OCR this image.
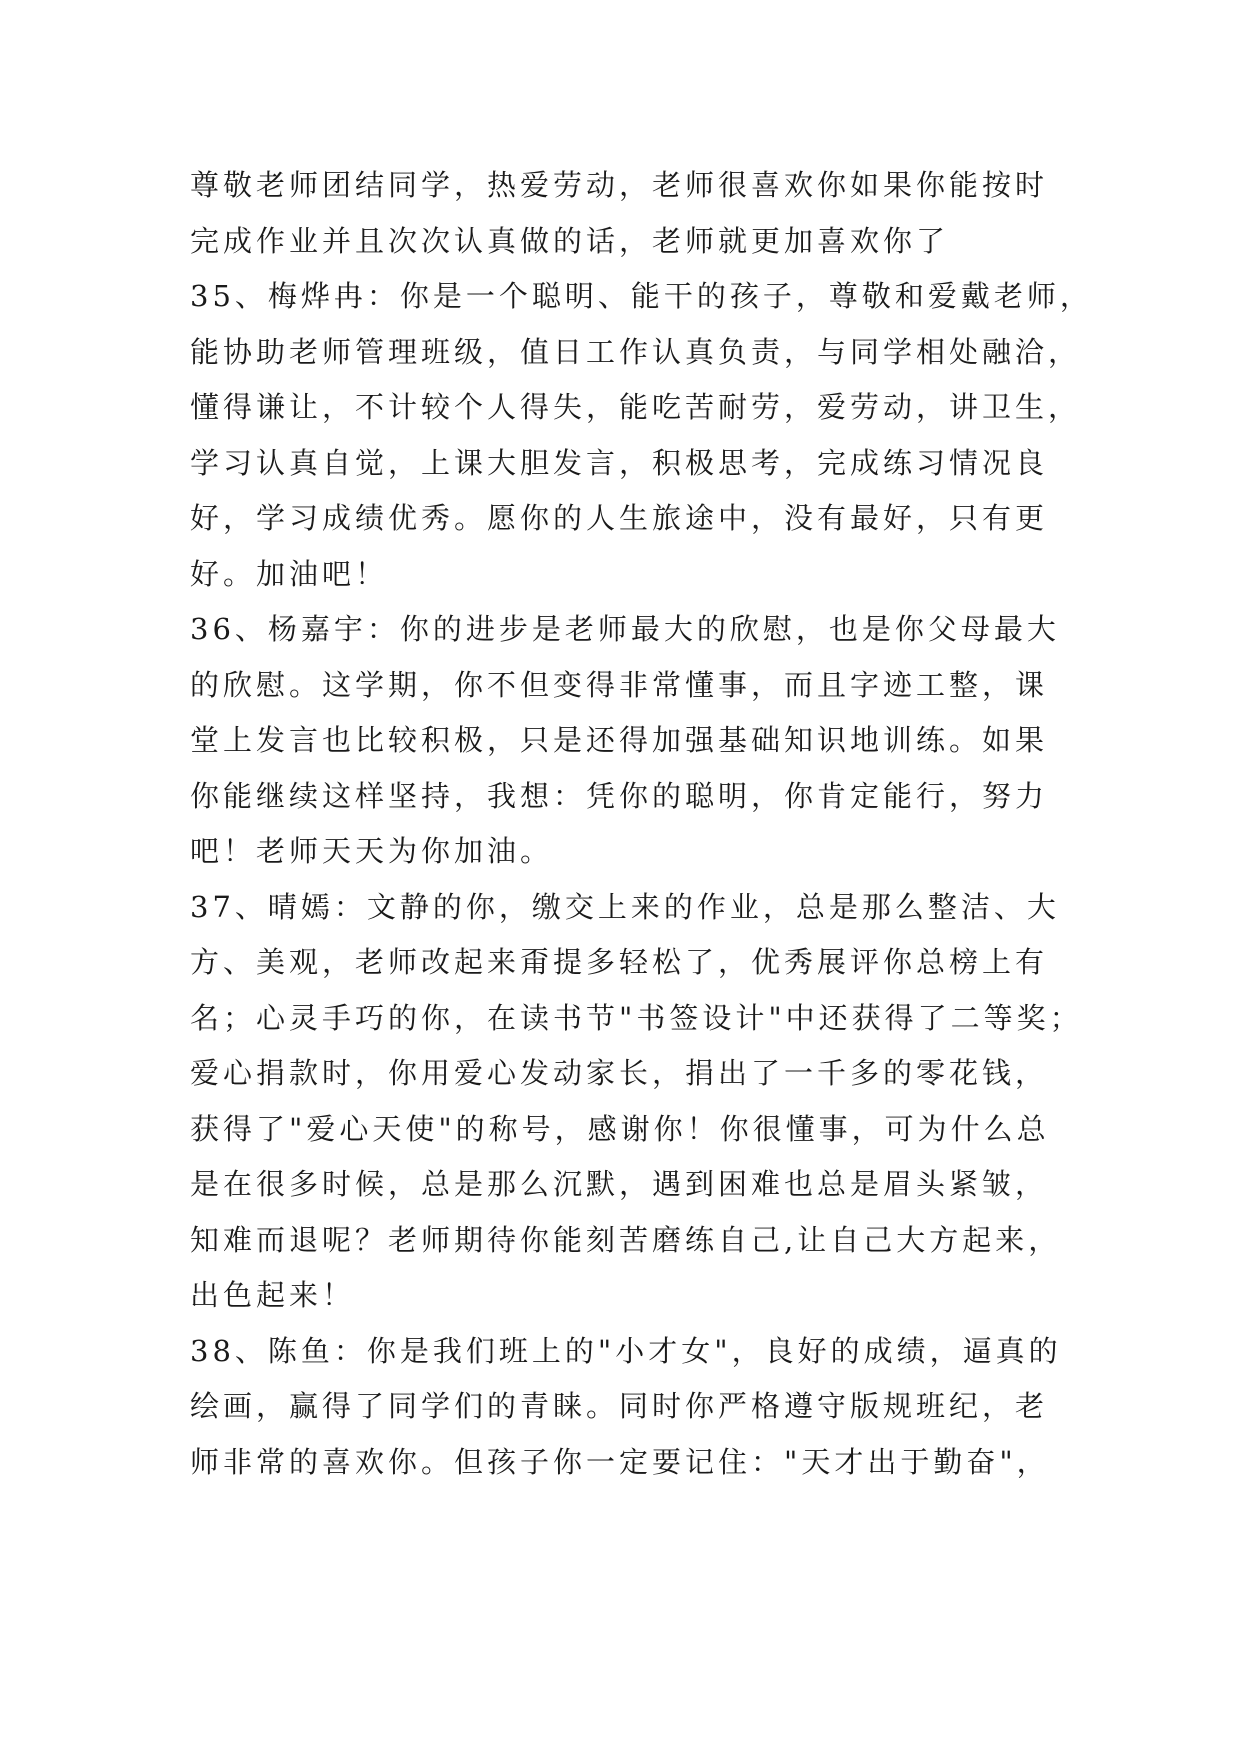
尊敬老师团结同学，热爱劳动，老师很喜欢你如果你能按时
完成作业并且次次认真做的话，老师就更加喜欢你了
35、梅烨冉：你是一个聪明、能干的孩子，尊敬和爱戴老师，
能协助老师管理班级，值日工作认真负责，与同学相处融洽，
懂得谦让，不计较个人得失，能吃苦耐劳，爱劳动，讲卫生，
学习认真自觉，上课大胆发言，积极思考，完成练习情况良
好，学习成绩优秀。愿你的人生旅途中，没有最好，只有更
好。加油吧！
36、杨嘉宇：你的进步是老师最大的欣慰，也是你父母最大
的欣慰。这学期，你不但变得非常懂事，而且字迹工整，课
堂上发言也比较积极，只是还得加强基础知识地训练。如果
你能继续这样坚持，我想：凭你的聪明，你肯定能行，努力
吧！老师天天为你加油。
37、晴嫣：文静的你，缴交上来的作业，总是那么整洁、大
方、美观，老师改起来甭提多轻松了，优秀展评你总榜上有
名；心灵手巧的你，在读书节"书签设计"中还获得了二等奖；
爱心捐款时，你用爱心发动家长，捐出了一千多的零花钱，
获得了"爱心天使"的称号，感谢你！你很懂事，可为什么总
是在很多时候，总是那么沉默，遇到困难也总是眉头紧皱，
知难而退呢？老师期待你能刻苦磨练自己,让自己大方起来，
出色起来！
38、陈鱼：你是我们班上的"小才女"，良好的成绩，逼真的
绘画，赢得了同学们的青睐。同时你严格遵守版规班纪，老
师非常的喜欢你。但孩子你一定要记住："天才出于勤奋"，
